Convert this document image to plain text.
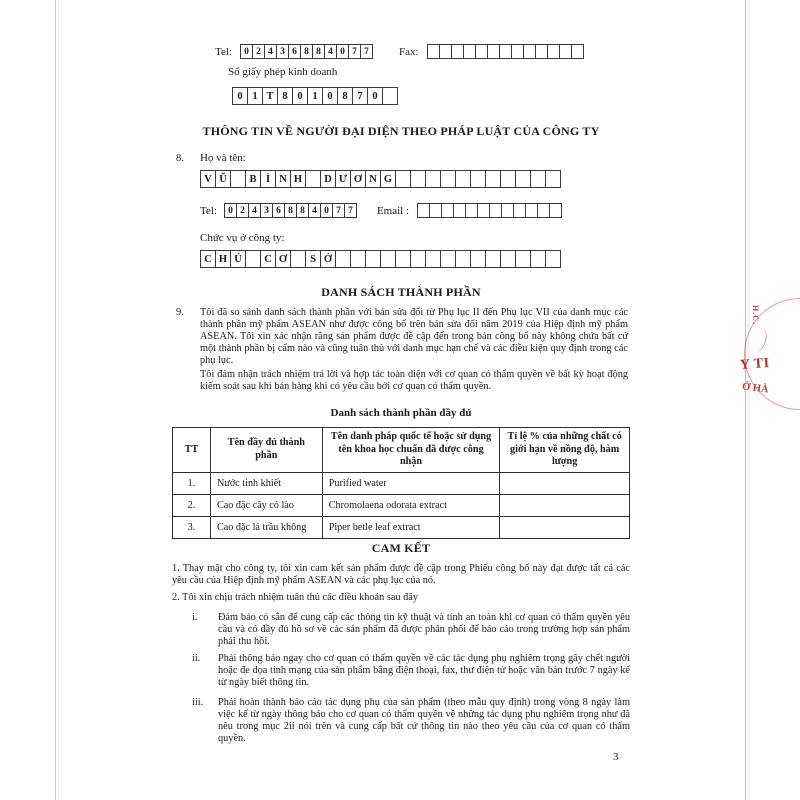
Tel:	0 2 4 3 6 8 8 4 0 7 7	Fax:
Số giấy phép kinh doanh
0 1 T 8 0 1 0 8 7 0
THÔNG TIN VỀ NGƯỜI ĐẠI DIỆN THEO PHÁP LUẬT CỦA CÔNG TY
8.	Họ và tên:
V Ũ	B Ì N H	D Ư Ơ N G
Tel:	0 2 4 3 6 8 8 4 0 7 7	Email :
Chức vụ ở công ty:
C H Ủ	C Ơ	S Ở
DANH SÁCH THÀNH PHẦN
9.	Tôi đã so sánh danh sách thành phần với bản sửa đổi từ Phụ lục II đến Phụ lục VII của danh mục các thành phần mỹ phẩm ASEAN như được công bố trên bản sửa đổi năm 2019 của Hiệp định mỹ phẩm ASEAN. Tôi xin xác nhận rằng sản phẩm được đề cập đến trong bản công bố này không chứa bất cứ một thành phần bị cấm nào và cũng tuân thủ với danh mục hạn chế và các điều kiện quy định trong các phụ lục.
Tôi đảm nhận trách nhiệm trả lời và hợp tác toàn diện với cơ quan có thẩm quyền về bất kỳ hoạt động kiểm soát sau khi bán hàng khi có yêu cầu bởi cơ quan có thẩm quyền.
Danh sách thành phần đầy đủ
TT	Tên đầy đủ thành phần	Tên danh pháp quốc tế hoặc sử dụng tên khoa học chuẩn đã được công nhận	Tỉ lệ % của những chất có giới hạn về nồng độ, hàm lượng
1.	Nước tinh khiết	Purified water	
2.	Cao đặc cây cỏ lào	Chromolaena odorata extract	
3.	Cao đặc lá trầu không	Piper betle leaf extract	
CAM KẾT
1. Thay mặt cho công ty, tôi xin cam kết sản phẩm được đề cập trong Phiếu công bố này đạt được tất cả các yêu cầu của Hiệp định mỹ phẩm ASEAN và các phụ lục của nó.
2. Tôi xin chịu trách nhiệm tuân thủ các điều khoản sau đây
i.	Đảm bảo có sẵn để cung cấp các thông tin kỹ thuật và tính an toàn khi cơ quan có thẩm quyền yêu cầu và có đầy đủ hồ sơ về các sản phẩm đã được phân phối để báo cáo trong trường hợp sản phẩm phải thu hồi.
ii.	Phải thông báo ngay cho cơ quan có thẩm quyền về các tác dụng phụ nghiêm trọng gây chết người hoặc đe dọa tính mạng của sản phẩm bằng điện thoại, fax, thư điện tử hoặc văn bản trước 7 ngày kể từ ngày biết thông tin.
iii.	Phải hoàn thành báo cáo tác dụng phụ của sản phẩm (theo mẫu quy định) trong vòng 8 ngày làm việc kể từ ngày thông báo cho cơ quan có thẩm quyền về những tác dụng phụ nghiêm trọng như đã nêu trong mục 2ii nói trên và cung cấp bất cứ thông tin nào theo yêu cầu của cơ quan có thẩm quyền.
3
H.C.
Y TI
Ở HÀ
